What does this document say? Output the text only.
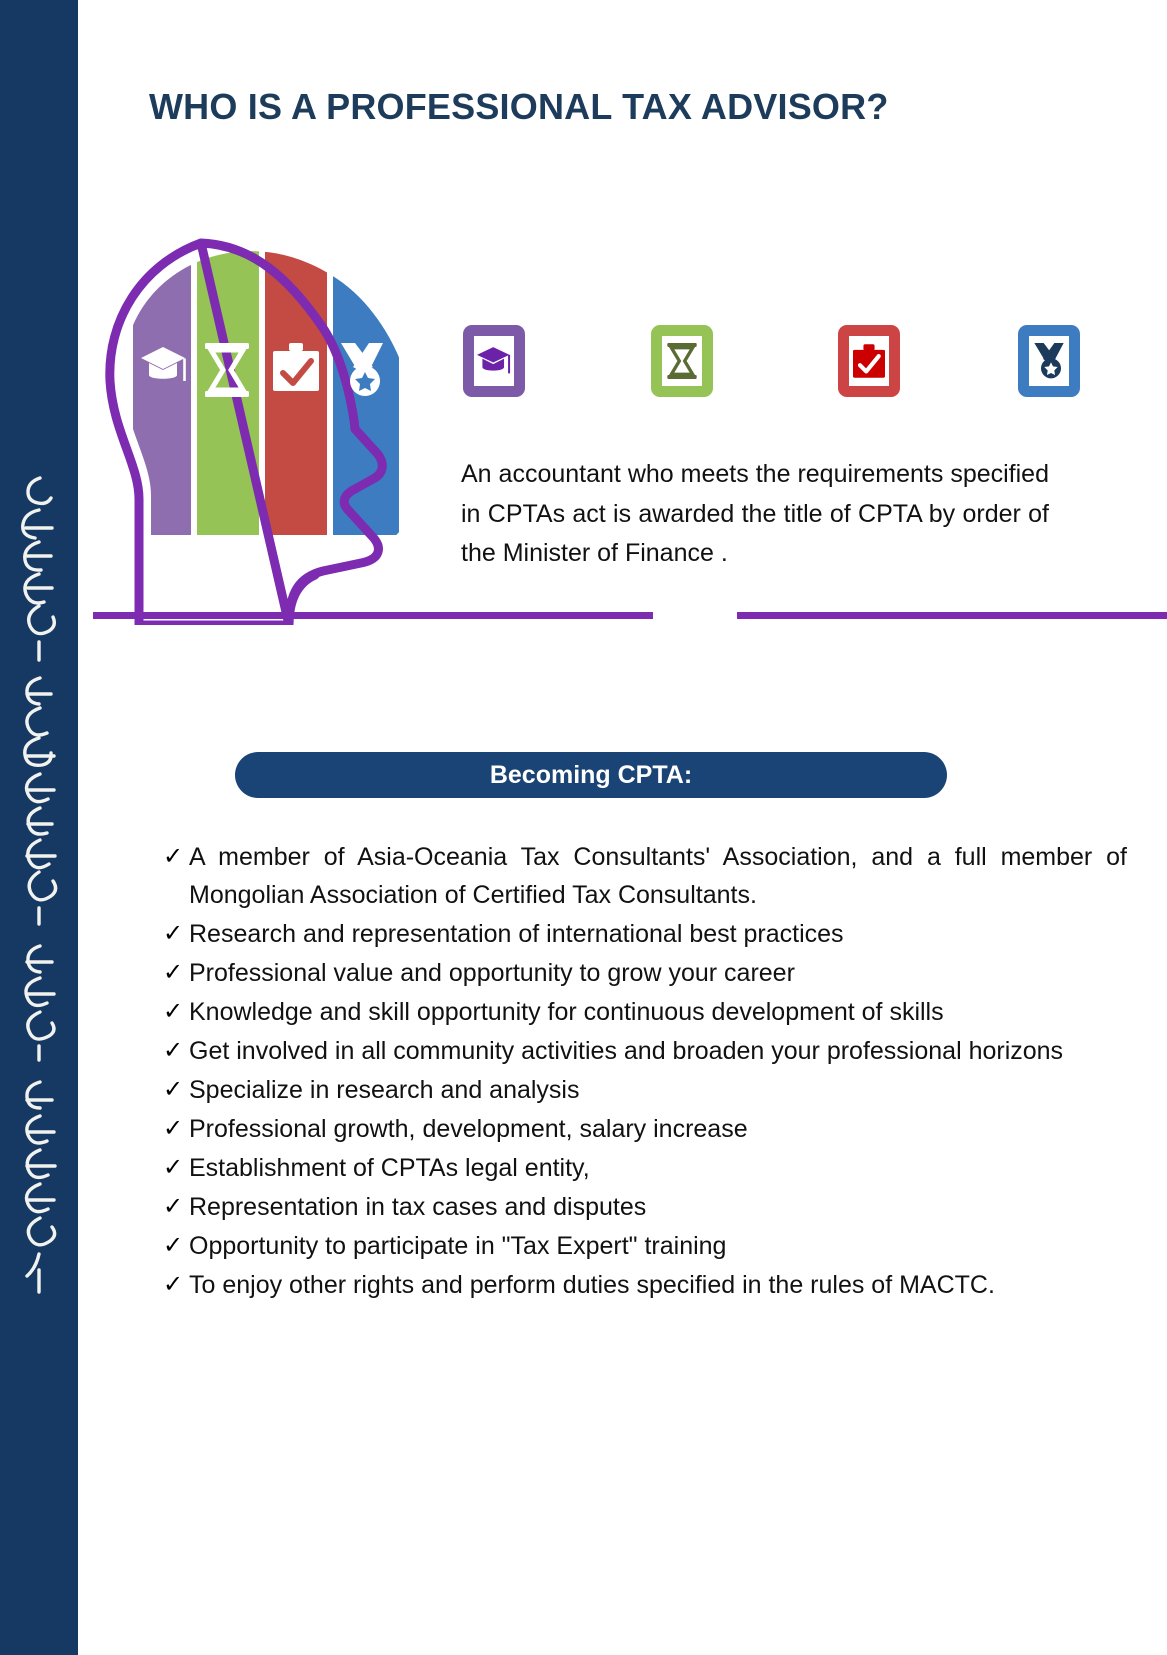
WHO IS A PROFESSIONAL TAX ADVISOR?

An accountant who meets the requirements specified in CPTAs act is awarded the title of CPTA by order of the Minister of Finance .

Becoming CPTA:
✓ A member of Asia-Oceania Tax Consultants' Association, and a full member of Mongolian Association of Certified Tax Consultants.
✓ Research and representation of international best practices
✓ Professional value and opportunity to grow your career
✓ Knowledge and skill opportunity for continuous development of skills
✓ Get involved in all community activities and broaden your professional horizons
✓ Specialize in research and analysis
✓ Professional growth, development, salary increase
✓ Establishment of CPTAs legal entity,
✓ Representation in tax cases and disputes
✓ Opportunity to participate in "Tax Expert" training
✓ To enjoy other rights and perform duties specified in the rules of MACTC.
